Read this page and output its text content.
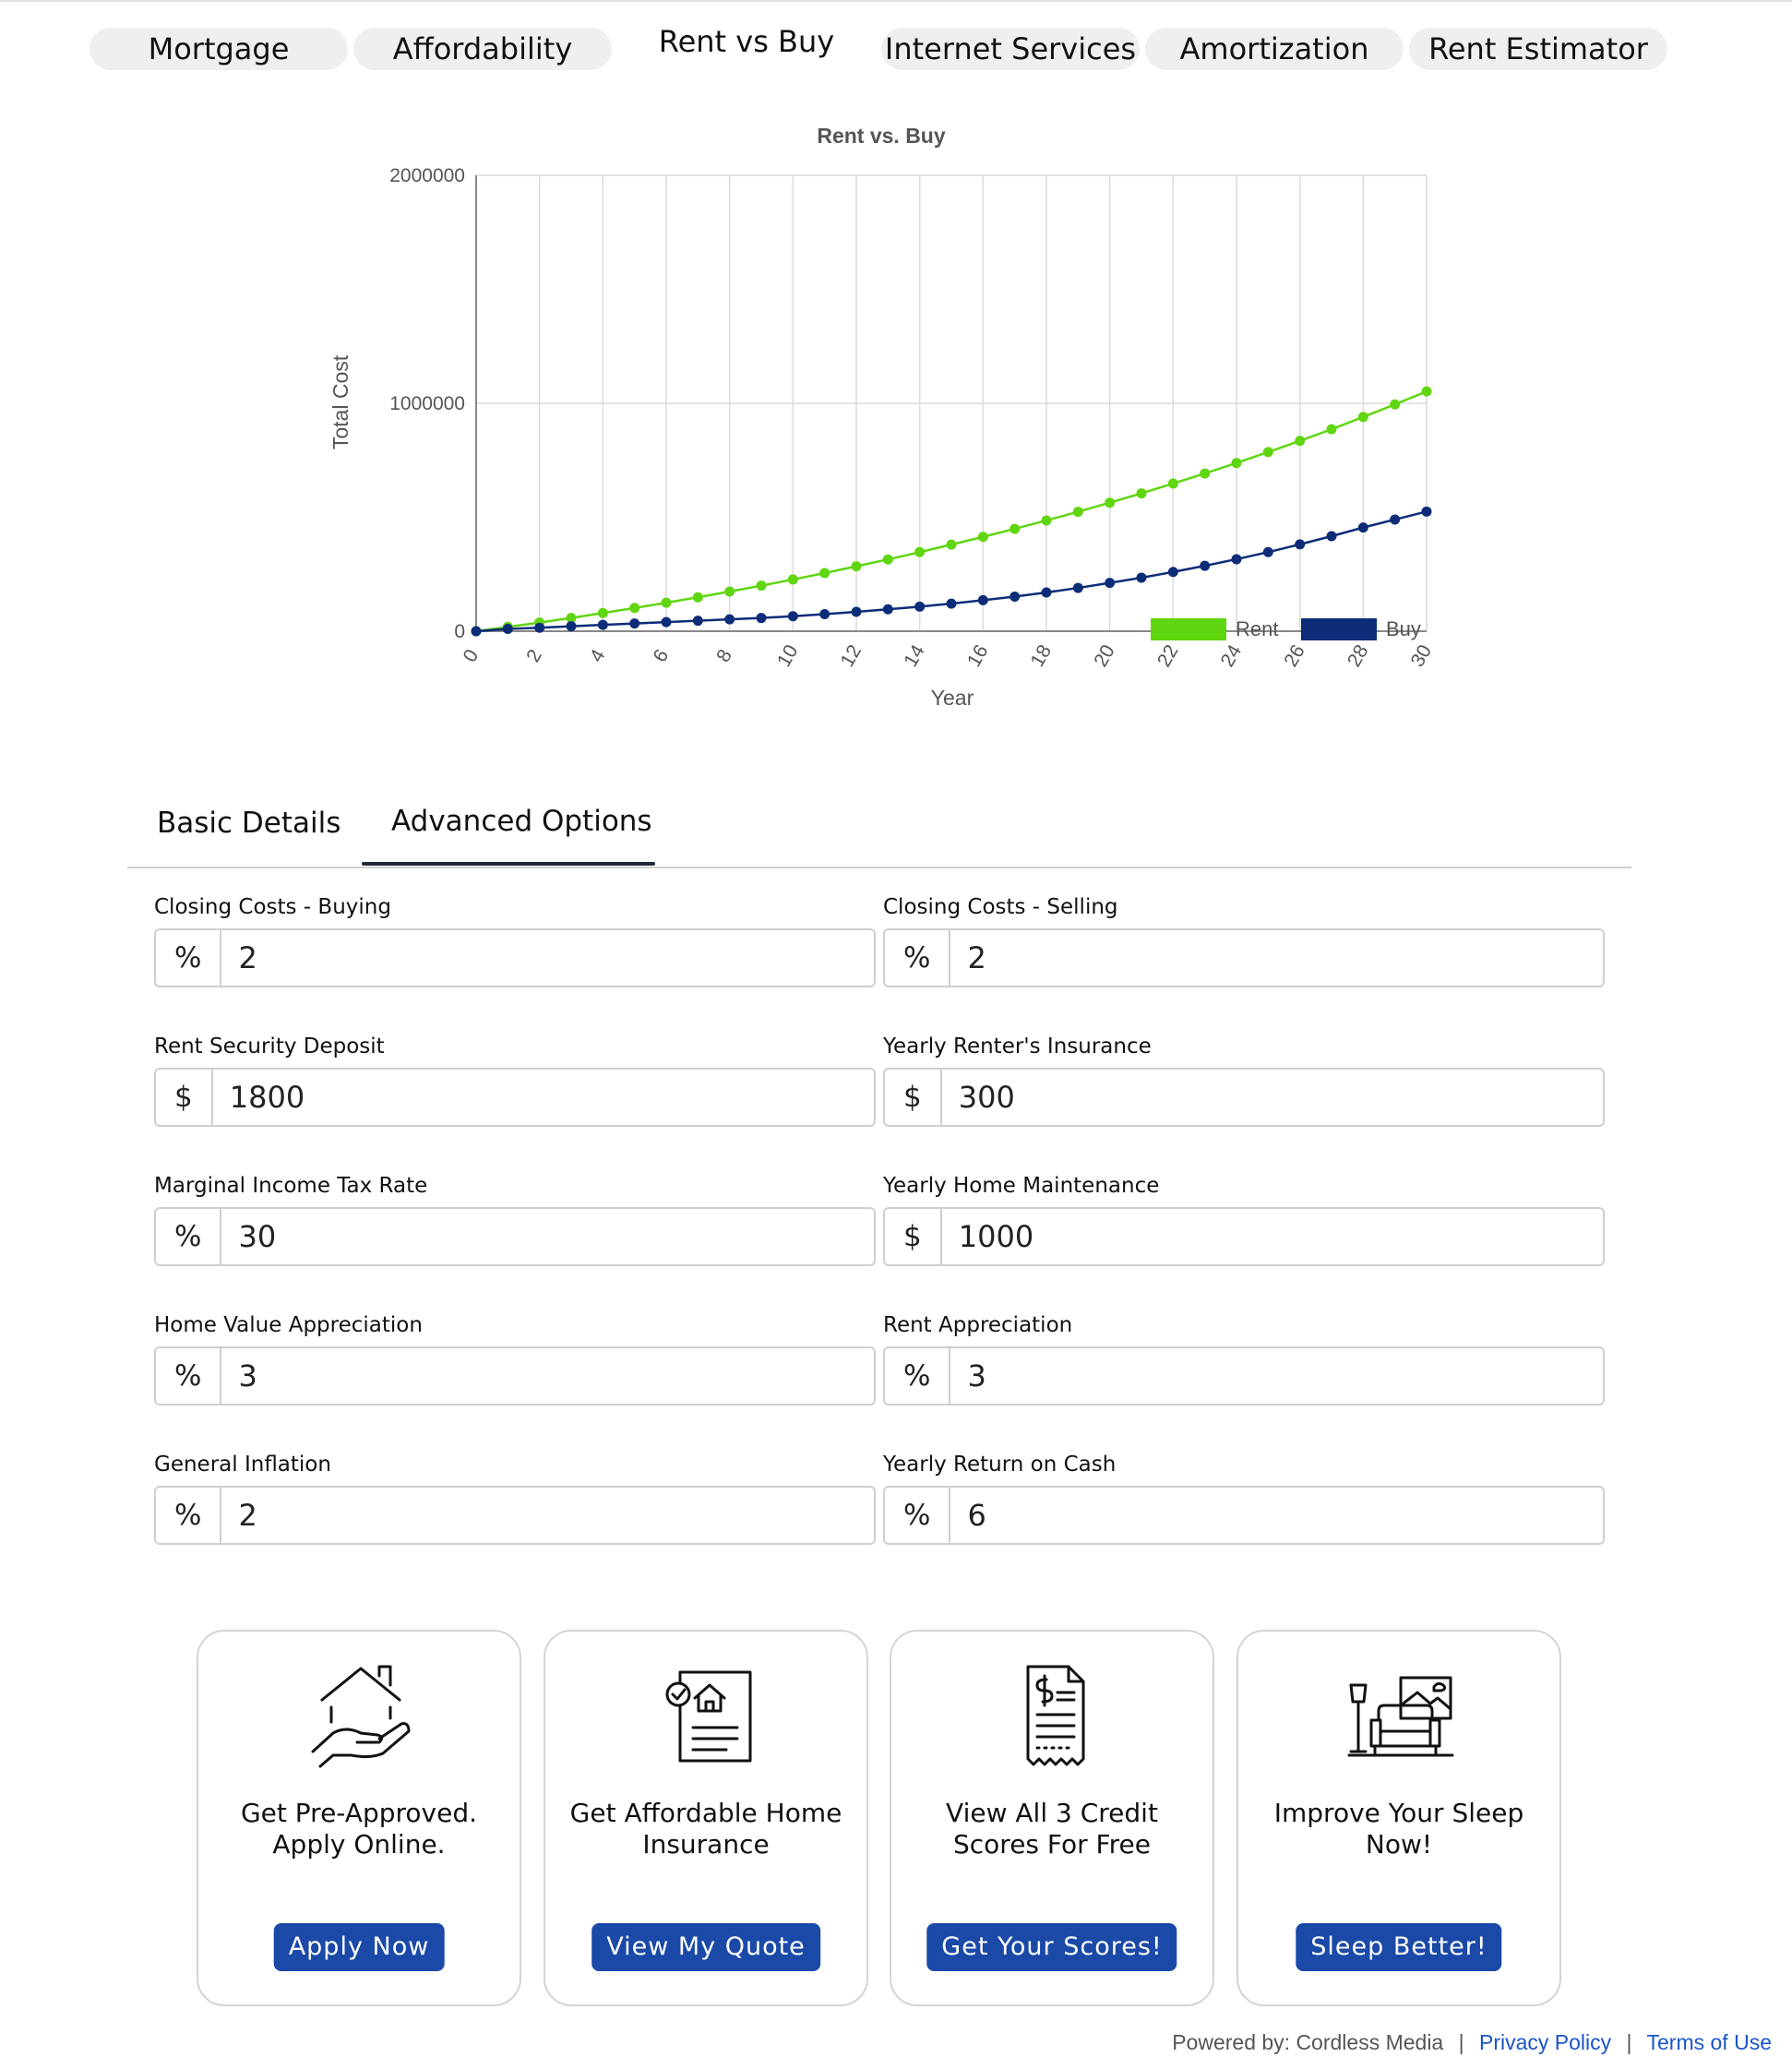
Mortgage	Affordability	Rent vs Buy	Internet Services	Amortization	Rent Estimator
Rent vs. Buy
0 2 4 6 8 10 12 14 16 18 20 22 24 26 28 30
0
1000000
2000000
Year
Total Cost
Rent	Buy
Basic Details Advanced Options
Closing Costs - Buying
%
2
Closing Costs - Selling
%
2
Rent Security Deposit
$
1800
Yearly Renter's Insurance
$
300
Marginal Income Tax Rate
%
30
Yearly Home Maintenance
$
1000
Home Value Appreciation
%
3
Rent Appreciation
%
3
General Inflation
%
2
Yearly Return on Cash
%
6
Get Pre-Approved. Apply Online.
Apply Now
Get Affordable Home Insurance
View My Quote
View All 3 Credit Scores For Free
Get Your Scores!
Improve Your Sleep Now!
Sleep Better!
Powered by: Cordless Media | Privacy Policy | Terms of Use
